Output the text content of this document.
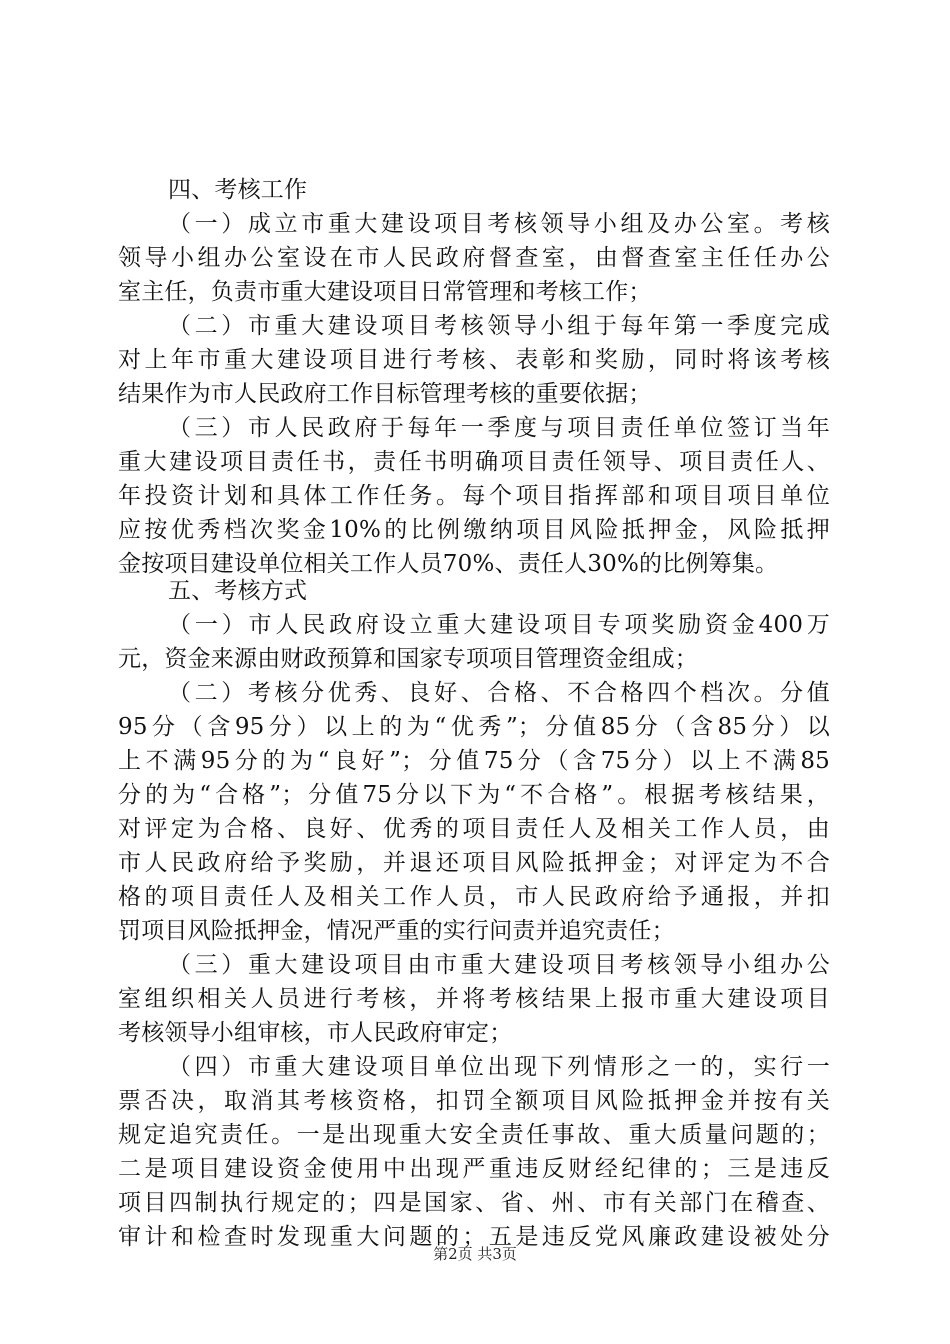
四、考核工作
（一）成立市重大建设项目考核领导小组及办公室。考核
领导小组办公室设在市人民政府督查室，由督查室主任任办公
室主任，负责市重大建设项目日常管理和考核工作；
（二）市重大建设项目考核领导小组于每年第一季度完成
对上年市重大建设项目进行考核、表彰和奖励，同时将该考核
结果作为市人民政府工作目标管理考核的重要依据；
（三）市人民政府于每年一季度与项目责任单位签订当年
重大建设项目责任书，责任书明确项目责任领导、项目责任人、
年投资计划和具体工作任务。每个项目指挥部和项目项目单位
应按优秀档次奖金10%的比例缴纳项目风险抵押金，风险抵押
金按项目建设单位相关工作人员70%、责任人30%的比例筹集。
五、考核方式
（一）市人民政府设立重大建设项目专项奖励资金400万
元，资金来源由财政预算和国家专项项目管理资金组成；
（二）考核分优秀、良好、合格、不合格四个档次。分值
95分（含95分）以上的为“优秀”；分值85分（含85分）以
上不满95分的为“良好”；分值75分（含75分）以上不满85
分的为“合格”；分值75分以下为“不合格”。根据考核结果，
对评定为合格、良好、优秀的项目责任人及相关工作人员，由
市人民政府给予奖励，并退还项目风险抵押金；对评定为不合
格的项目责任人及相关工作人员，市人民政府给予通报，并扣
罚项目风险抵押金，情况严重的实行问责并追究责任；
（三）重大建设项目由市重大建设项目考核领导小组办公
室组织相关人员进行考核，并将考核结果上报市重大建设项目
考核领导小组审核，市人民政府审定；
（四）市重大建设项目单位出现下列情形之一的，实行一
票否决，取消其考核资格，扣罚全额项目风险抵押金并按有关
规定追究责任。一是出现重大安全责任事故、重大质量问题的；
二是项目建设资金使用中出现严重违反财经纪律的；三是违反
项目四制执行规定的；四是国家、省、州、市有关部门在稽查、
审计和检查时发现重大问题的；五是违反党风廉政建设被处分
第2页 共3页
